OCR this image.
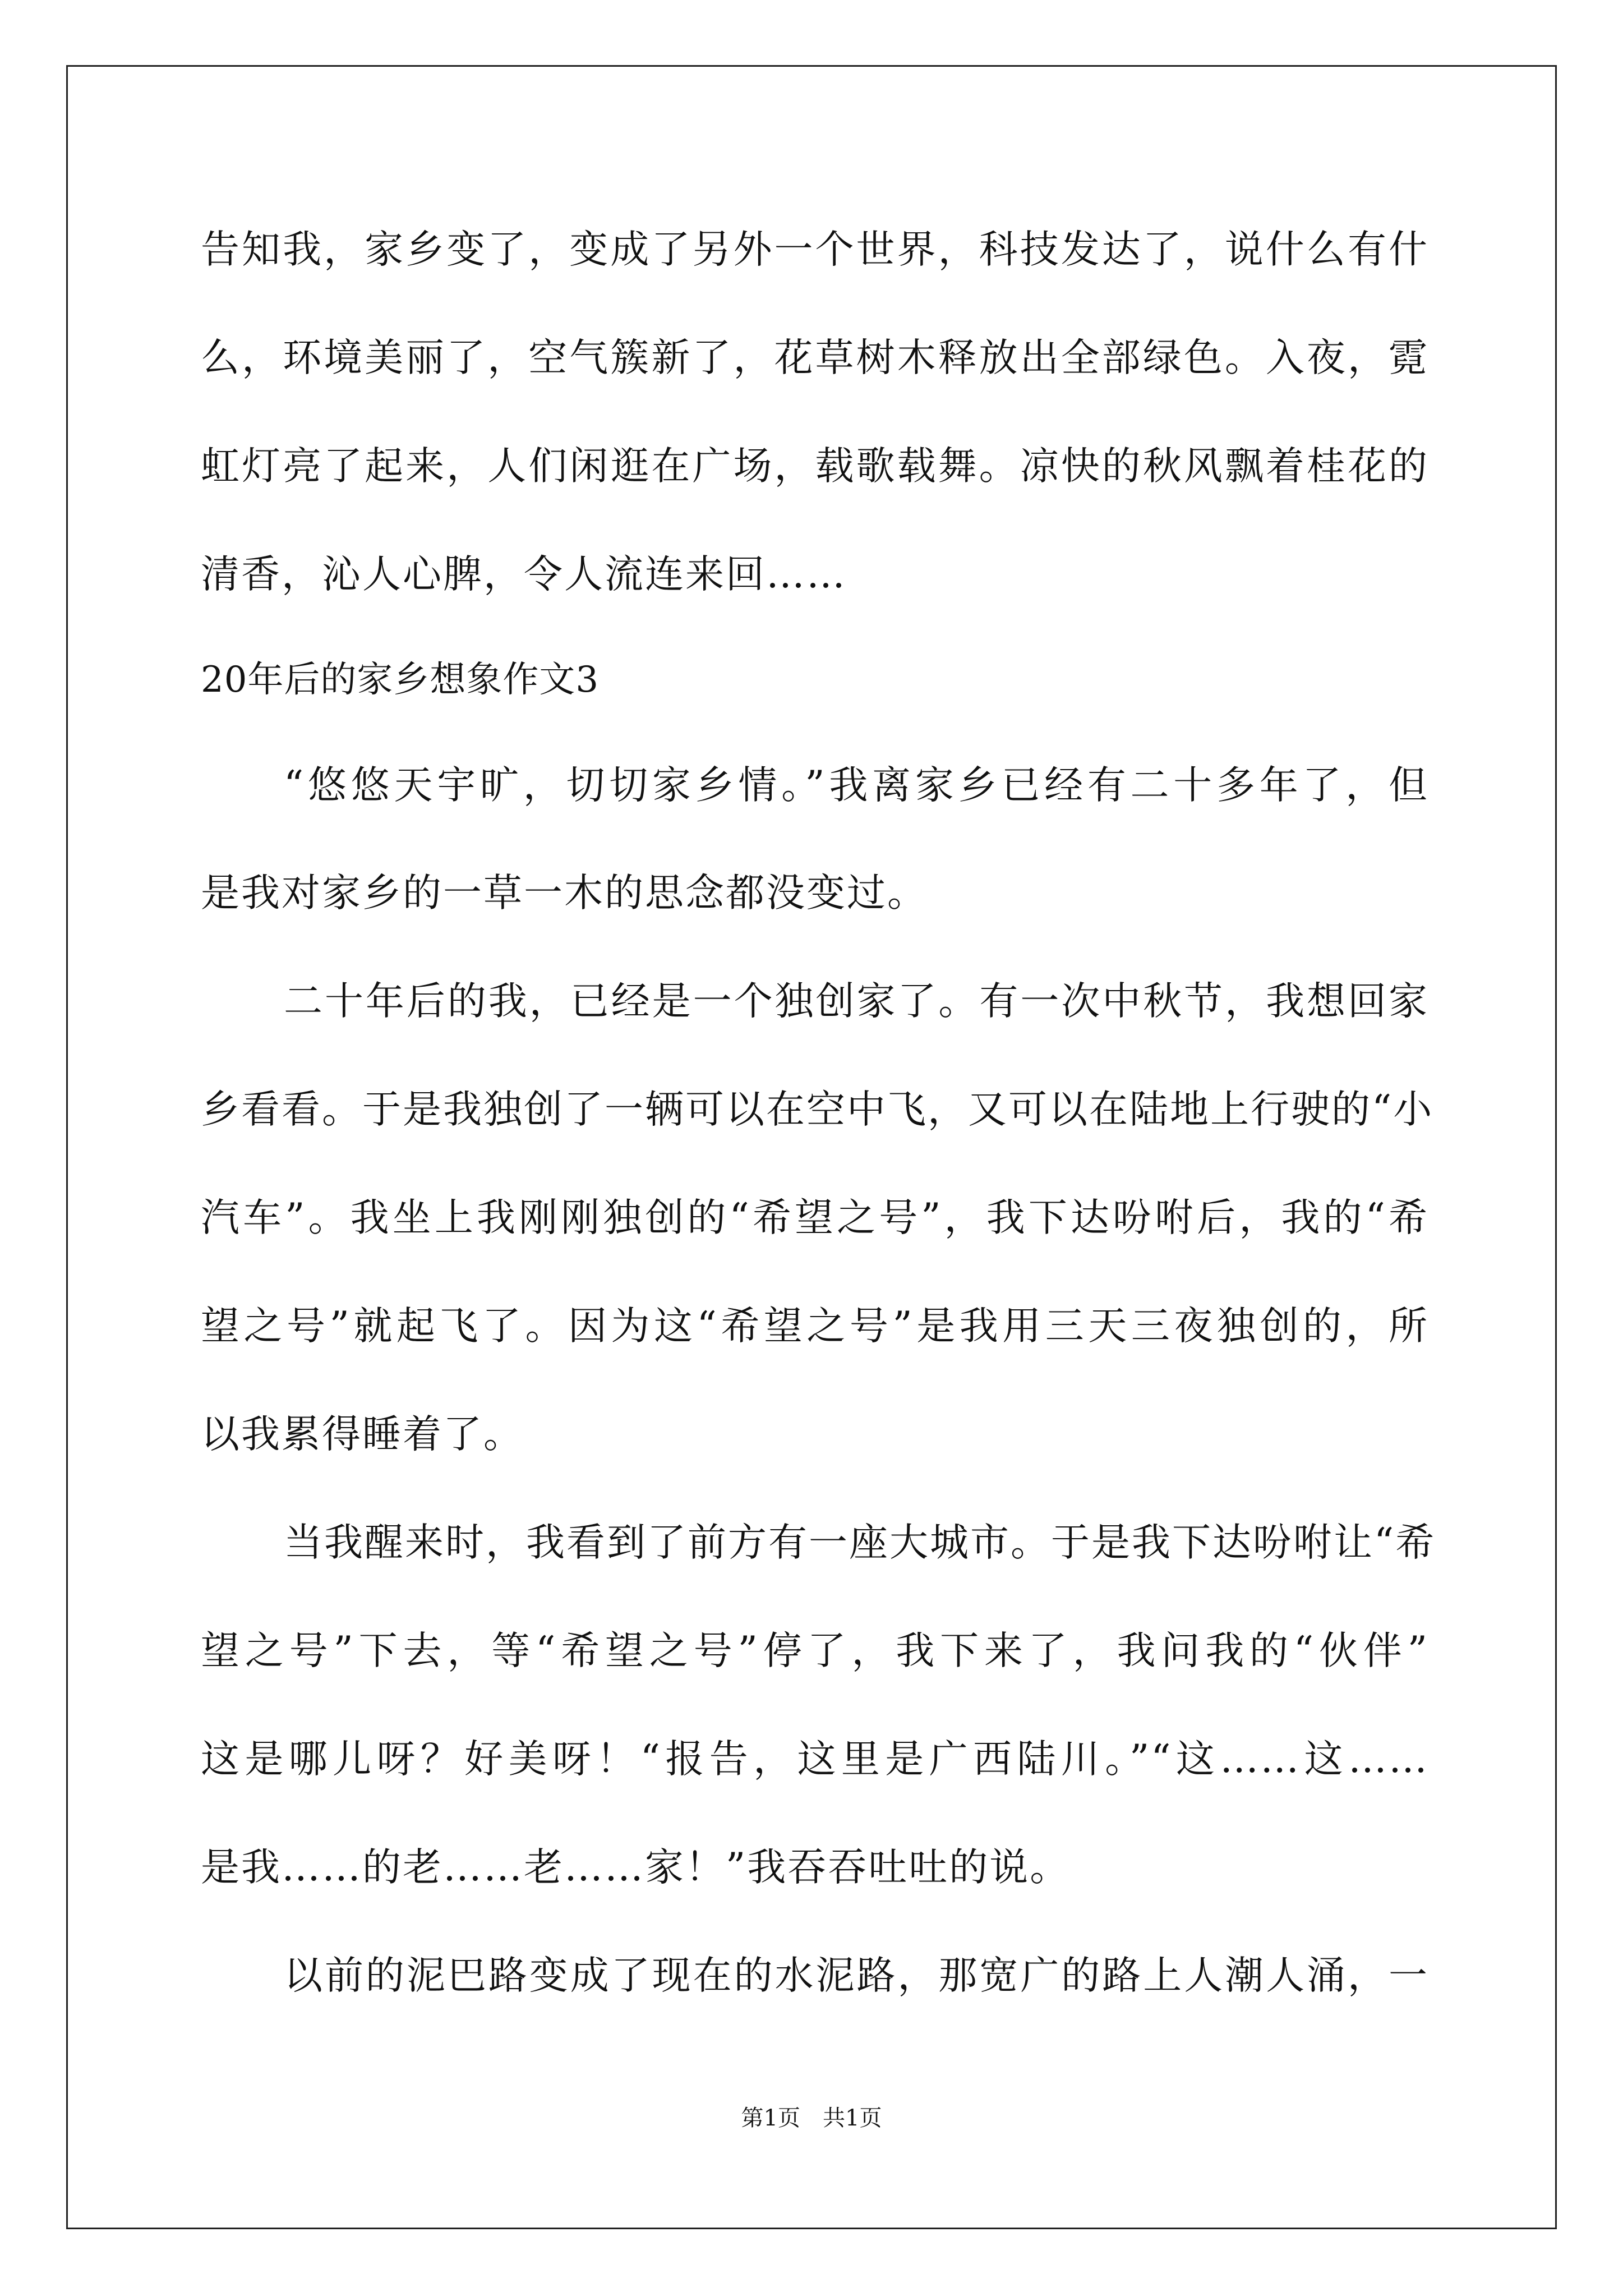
告知我，家乡变了，变成了另外一个世界，科技发达了，说什么有什
么，环境美丽了，空气簇新了，花草树木释放出全部绿色。入夜，霓
虹灯亮了起来，人们闲逛在广场，载歌载舞。凉快的秋风飘着桂花的
清香，沁人心脾，令人流连来回……
20年后的家乡想象作文3
“悠悠天宇旷，切切家乡情。”我离家乡已经有二十多年了，但
是我对家乡的一草一木的思念都没变过。
二十年后的我，已经是一个独创家了。有一次中秋节，我想回家
乡看看。于是我独创了一辆可以在空中飞，又可以在陆地上行驶的“小
汽车”。我坐上我刚刚独创的“希望之号”，我下达吩咐后，我的“希
望之号”就起飞了。因为这“希望之号”是我用三天三夜独创的，所
以我累得睡着了。
当我醒来时，我看到了前方有一座大城市。于是我下达吩咐让“希
望之号”下去，等“希望之号”停了，我下来了，我问我的“伙伴”
这是哪儿呀？好美呀！“报告，这里是广西陆川。”“这……这……
是我……的老……老……家！”我吞吞吐吐的说。
以前的泥巴路变成了现在的水泥路，那宽广的路上人潮人涌，一
第1页　共1页
